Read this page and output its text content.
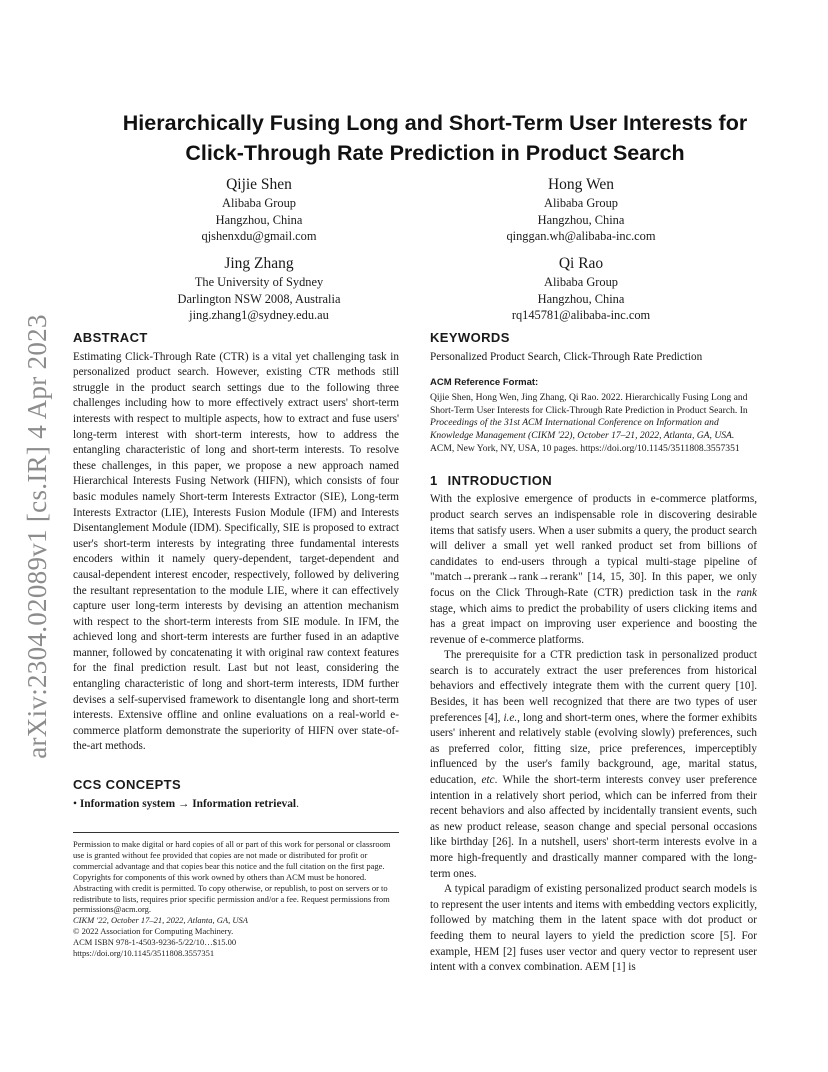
arXiv:2304.02089v1 [cs.IR] 4 Apr 2023
Hierarchically Fusing Long and Short-Term User Interests for
Click-Through Rate Prediction in Product Search
Qijie Shen
Alibaba Group
Hangzhou, China
qjshenxdu@gmail.com
Hong Wen
Alibaba Group
Hangzhou, China
qinggan.wh@alibaba-inc.com
Jing Zhang
The University of Sydney
Darlington NSW 2008, Australia
jing.zhang1@sydney.edu.au
Qi Rao
Alibaba Group
Hangzhou, China
rq145781@alibaba-inc.com
ABSTRACT

Estimating Click-Through Rate (CTR) is a vital yet challenging task in personalized product search. However, existing CTR methods still struggle in the product search settings due to the following three challenges including how to more effectively extract users' short-term interests with respect to multiple aspects, how to extract and fuse users' long-term interest with short-term interests, how to address the entangling characteristic of long and short-term interests. To resolve these challenges, in this paper, we propose a new approach named Hierarchical Interests Fusing Network (HIFN), which consists of four basic modules namely Short-term Interests Extractor (SIE), Long-term Interests Extractor (LIE), Interests Fusion Module (IFM) and Interests Disentanglement Module (IDM). Specifically, SIE is proposed to extract user's short-term interests by integrating three fundamental interests encoders within it namely query-dependent, target-dependent and causal-dependent interest encoder, respectively, followed by delivering the resultant representation to the module LIE, where it can effectively capture user long-term interests by devising an attention mechanism with respect to the short-term interests from SIE module. In IFM, the achieved long and short-term interests are further fused in an adaptive manner, followed by concatenating it with original raw context features for the final prediction result. Last but not least, considering the entangling characteristic of long and short-term interests, IDM further devises a self-supervised framework to disentangle long and short-term interests. Extensive offline and online evaluations on a real-world e-commerce platform demonstrate the superiority of HIFN over state-of-the-art methods.

CCS CONCEPTS
• Information system → Information retrieval.
Permission to make digital or hard copies of all or part of this work for personal or classroom use is granted without fee provided that copies are not made or distributed for profit or commercial advantage and that copies bear this notice and the full citation on the first page. Copyrights for components of this work owned by others than ACM must be honored. Abstracting with credit is permitted. To copy otherwise, or republish, to post on servers or to redistribute to lists, requires prior specific permission and/or a fee. Request permissions from permissions@acm.org.
CIKM '22, October 17–21, 2022, Atlanta, GA, USA
© 2022 Association for Computing Machinery.
ACM ISBN 978-1-4503-9236-5/22/10…$15.00
https://doi.org/10.1145/3511808.3557351
KEYWORDS

Personalized Product Search, Click-Through Rate Prediction

ACM Reference Format:
Qijie Shen, Hong Wen, Jing Zhang, Qi Rao. 2022. Hierarchically Fusing Long and Short-Term User Interests for Click-Through Rate Prediction in Product Search. In Proceedings of the 31st ACM International Conference on Information and Knowledge Management (CIKM '22), October 17–21, 2022, Atlanta, GA, USA. ACM, New York, NY, USA, 10 pages. https://doi.org/10.1145/3511808.3557351
1 INTRODUCTION

With the explosive emergence of products in e-commerce platforms, product search serves an indispensable role in discovering desirable items that satisfy users. When a user submits a query, the product search will deliver a small yet well ranked product set from billions of candidates to end-users through a typical multi-stage pipeline of "match→prerank→rank→rerank" [14, 15, 30]. In this paper, we only focus on the Click Through-Rate (CTR) prediction task in the rank stage, which aims to predict the probability of users clicking items and has a great impact on improving user experience and boosting the revenue of e-commerce platforms.

The prerequisite for a CTR prediction task in personalized product search is to accurately extract the user preferences from historical behaviors and effectively integrate them with the current query [10]. Besides, it has been well recognized that there are two types of user preferences [4], i.e., long and short-term ones, where the former exhibits users' inherent and relatively stable (evolving slowly) preferences, such as preferred color, fitting size, price preferences, imperceptibly influenced by the user's family background, age, marital status, education, etc. While the short-term interests convey user preference intention in a relatively short period, which can be inferred from their recent behaviors and also affected by incidentally transient events, such as new product release, season change and special personal occasions like birthday [26]. In a nutshell, users' short-term interests evolve in a more high-frequently and drastically manner compared with the long-term ones.

A typical paradigm of existing personalized product search models is to represent the user intents and items with embedding vectors explicitly, followed by matching them in the latent space with dot product or feeding them to neural layers to yield the prediction score [5]. For example, HEM [2] fuses user vector and query vector to represent user intent with a convex combination. AEM [1] is
